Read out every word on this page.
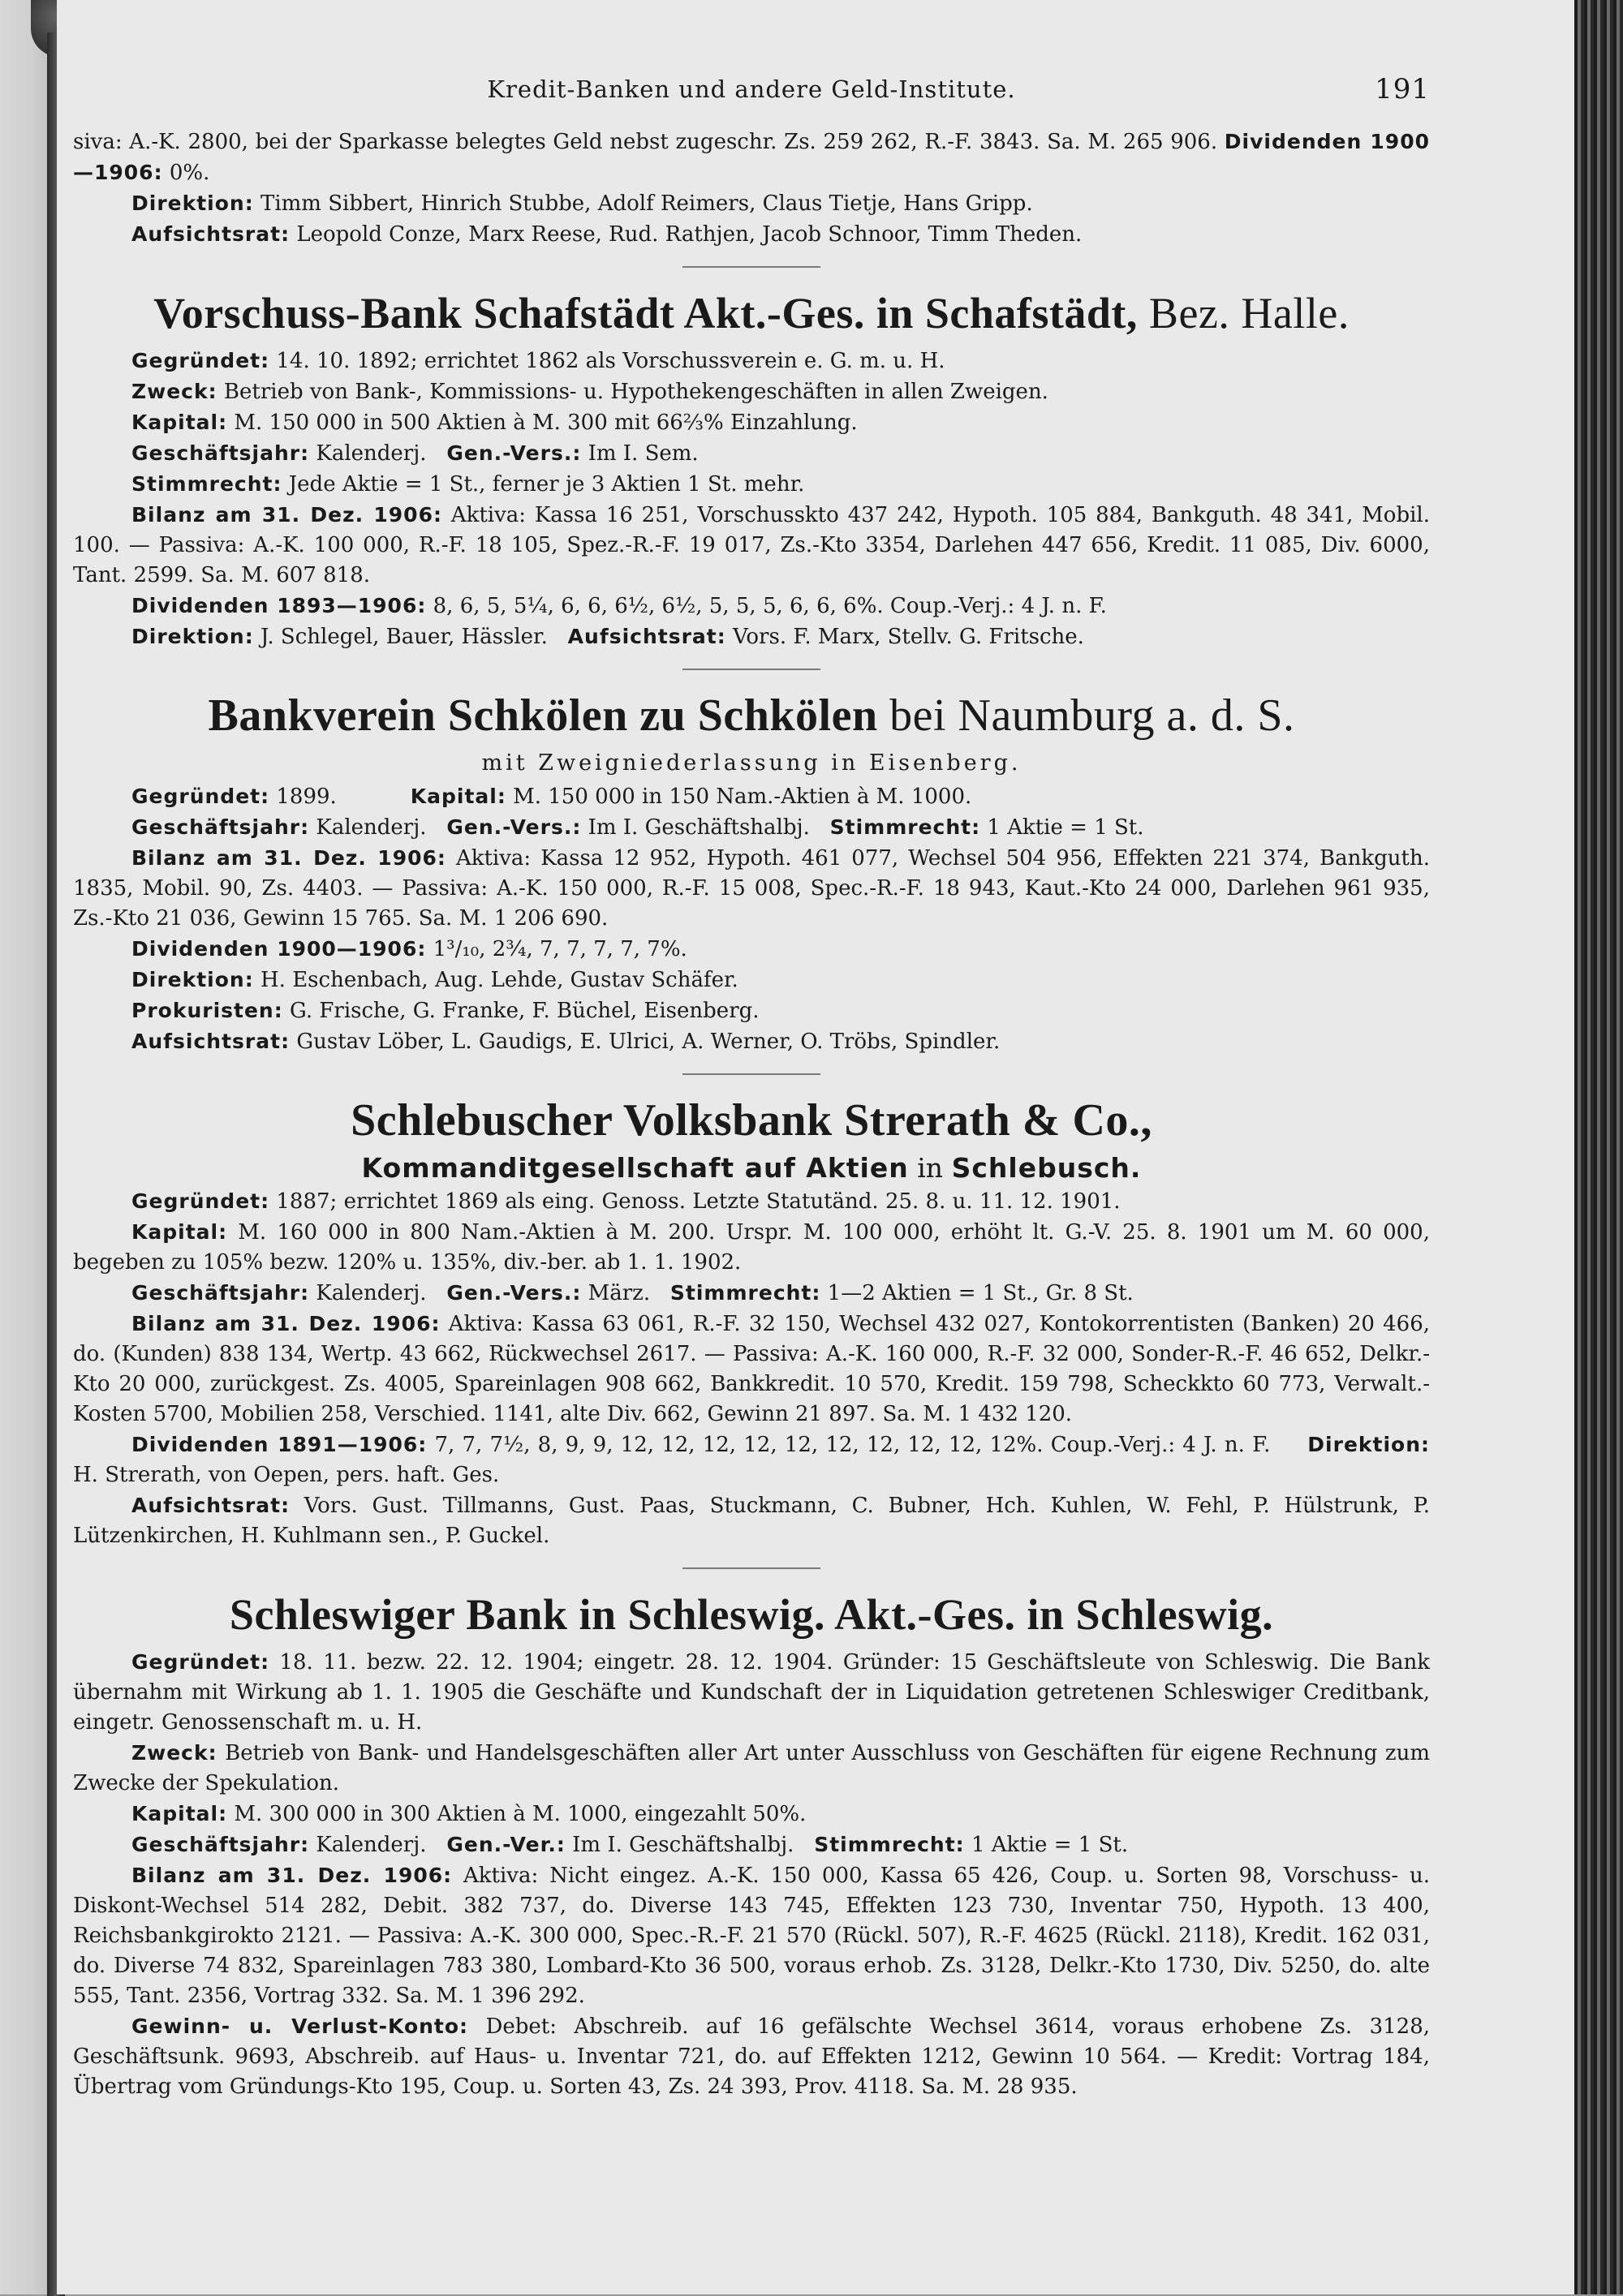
Kredit-Banken und andere Geld-Institute.	191

siva: A.-K. 2800, bei der Sparkasse belegtes Geld nebst zugeschr. Zs. 259 262, R.-F. 3843. Sa. M. 265 906. Dividenden 1900—1906: 0%.

Direktion: Timm Sibbert, Hinrich Stubbe, Adolf Reimers, Claus Tietje, Hans Gripp.

Aufsichtsrat: Leopold Conze, Marx Reese, Rud. Rathjen, Jacob Schnoor, Timm Theden.

Vorschuss-Bank Schafstädt Akt.-Ges. in Schafstädt, Bez. Halle.

Gegründet: 14. 10. 1892; errichtet 1862 als Vorschussverein e. G. m. u. H.

Zweck: Betrieb von Bank-, Kommissions- u. Hypothekengeschäften in allen Zweigen.

Kapital: M. 150 000 in 500 Aktien à M. 300 mit 66⅔% Einzahlung.

Geschäftsjahr: Kalenderj. Gen.-Vers.: Im I. Sem.

Stimmrecht: Jede Aktie = 1 St., ferner je 3 Aktien 1 St. mehr.

Bilanz am 31. Dez. 1906: Aktiva: Kassa 16 251, Vorschusskto 437 242, Hypoth. 105 884, Bankguth. 48 341, Mobil. 100. — Passiva: A.-K. 100 000, R.-F. 18 105, Spez.-R.-F. 19 017, Zs.-Kto 3354, Darlehen 447 656, Kredit. 11 085, Div. 6000, Tant. 2599. Sa. M. 607 818.

Dividenden 1893—1906: 8, 6, 5, 5¼, 6, 6, 6½, 6½, 5, 5, 5, 6, 6, 6%. Coup.-Verj.: 4 J. n. F.

Direktion: J. Schlegel, Bauer, Hässler. Aufsichtsrat: Vors. F. Marx, Stellv. G. Fritsche.

Bankverein Schkölen zu Schkölen bei Naumburg a. d. S.
mit Zweigniederlassung in Eisenberg.

Gegründet: 1899.	Kapital: M. 150 000 in 150 Nam.-Aktien à M. 1000.

Geschäftsjahr: Kalenderj. Gen.-Vers.: Im I. Geschäftshalbj. Stimmrecht: 1 Aktie = 1 St.

Bilanz am 31. Dez. 1906: Aktiva: Kassa 12 952, Hypoth. 461 077, Wechsel 504 956, Effekten 221 374, Bankguth. 1835, Mobil. 90, Zs. 4403. — Passiva: A.-K. 150 000, R.-F. 15 008, Spec.-R.-F. 18 943, Kaut.-Kto 24 000, Darlehen 961 935, Zs.-Kto 21 036, Gewinn 15 765. Sa. M. 1 206 690.

Dividenden 1900—1906: 1³/₁₀, 2¾, 7, 7, 7, 7, 7%.

Direktion: H. Eschenbach, Aug. Lehde, Gustav Schäfer.

Prokuristen: G. Frische, G. Franke, F. Büchel, Eisenberg.

Aufsichtsrat: Gustav Löber, L. Gaudigs, E. Ulrici, A. Werner, O. Tröbs, Spindler.

Schlebuscher Volksbank Strerath & Co.,
Kommanditgesellschaft auf Aktien in Schlebusch.

Gegründet: 1887; errichtet 1869 als eing. Genoss. Letzte Statutänd. 25. 8. u. 11. 12. 1901.

Kapital: M. 160 000 in 800 Nam.-Aktien à M. 200. Urspr. M. 100 000, erhöht lt. G.-V. 25. 8. 1901 um M. 60 000, begeben zu 105% bezw. 120% u. 135%, div.-ber. ab 1. 1. 1902.

Geschäftsjahr: Kalenderj. Gen.-Vers.: März. Stimmrecht: 1—2 Aktien = 1 St., Gr. 8 St.

Bilanz am 31. Dez. 1906: Aktiva: Kassa 63 061, R.-F. 32 150, Wechsel 432 027, Kontokorrentisten (Banken) 20 466, do. (Kunden) 838 134, Wertp. 43 662, Rückwechsel 2617. — Passiva: A.-K. 160 000, R.-F. 32 000, Sonder-R.-F. 46 652, Delkr.-Kto 20 000, zurückgest. Zs. 4005, Spareinlagen 908 662, Bankkredit. 10 570, Kredit. 159 798, Scheckkto 60 773, Verwalt.-Kosten 5700, Mobilien 258, Verschied. 1141, alte Div. 662, Gewinn 21 897. Sa. M. 1 432 120.

Dividenden 1891—1906: 7, 7, 7½, 8, 9, 9, 12, 12, 12, 12, 12, 12, 12, 12, 12, 12%. Coup.-Verj.: 4 J. n. F. Direktion: H. Strerath, von Oepen, pers. haft. Ges.

Aufsichtsrat: Vors. Gust. Tillmanns, Gust. Paas, Stuckmann, C. Bubner, Hch. Kuhlen, W. Fehl, P. Hülstrunk, P. Lützenkirchen, H. Kuhlmann sen., P. Guckel.

Schleswiger Bank in Schleswig. Akt.-Ges. in Schleswig.

Gegründet: 18. 11. bezw. 22. 12. 1904; eingetr. 28. 12. 1904. Gründer: 15 Geschäftsleute von Schleswig. Die Bank übernahm mit Wirkung ab 1. 1. 1905 die Geschäfte und Kundschaft der in Liquidation getretenen Schleswiger Creditbank, eingetr. Genossenschaft m. u. H.

Zweck: Betrieb von Bank- und Handelsgeschäften aller Art unter Ausschluss von Geschäften für eigene Rechnung zum Zwecke der Spekulation.

Kapital: M. 300 000 in 300 Aktien à M. 1000, eingezahlt 50%.

Geschäftsjahr: Kalenderj. Gen.-Ver.: Im I. Geschäftshalbj. Stimmrecht: 1 Aktie = 1 St.

Bilanz am 31. Dez. 1906: Aktiva: Nicht eingez. A.-K. 150 000, Kassa 65 426, Coup. u. Sorten 98, Vorschuss- u. Diskont-Wechsel 514 282, Debit. 382 737, do. Diverse 143 745, Effekten 123 730, Inventar 750, Hypoth. 13 400, Reichsbankgirokto 2121. — Passiva: A.-K. 300 000, Spec.-R.-F. 21 570 (Rückl. 507), R.-F. 4625 (Rückl. 2118), Kredit. 162 031, do. Diverse 74 832, Spareinlagen 783 380, Lombard-Kto 36 500, voraus erhob. Zs. 3128, Delkr.-Kto 1730, Div. 5250, do. alte 555, Tant. 2356, Vortrag 332. Sa. M. 1 396 292.

Gewinn- u. Verlust-Konto: Debet: Abschreib. auf 16 gefälschte Wechsel 3614, voraus erhobene Zs. 3128, Geschäftsunk. 9693, Abschreib. auf Haus- u. Inventar 721, do. auf Effekten 1212, Gewinn 10 564. — Kredit: Vortrag 184, Übertrag vom Gründungs-Kto 195, Coup. u. Sorten 43, Zs. 24 393, Prov. 4118. Sa. M. 28 935.
